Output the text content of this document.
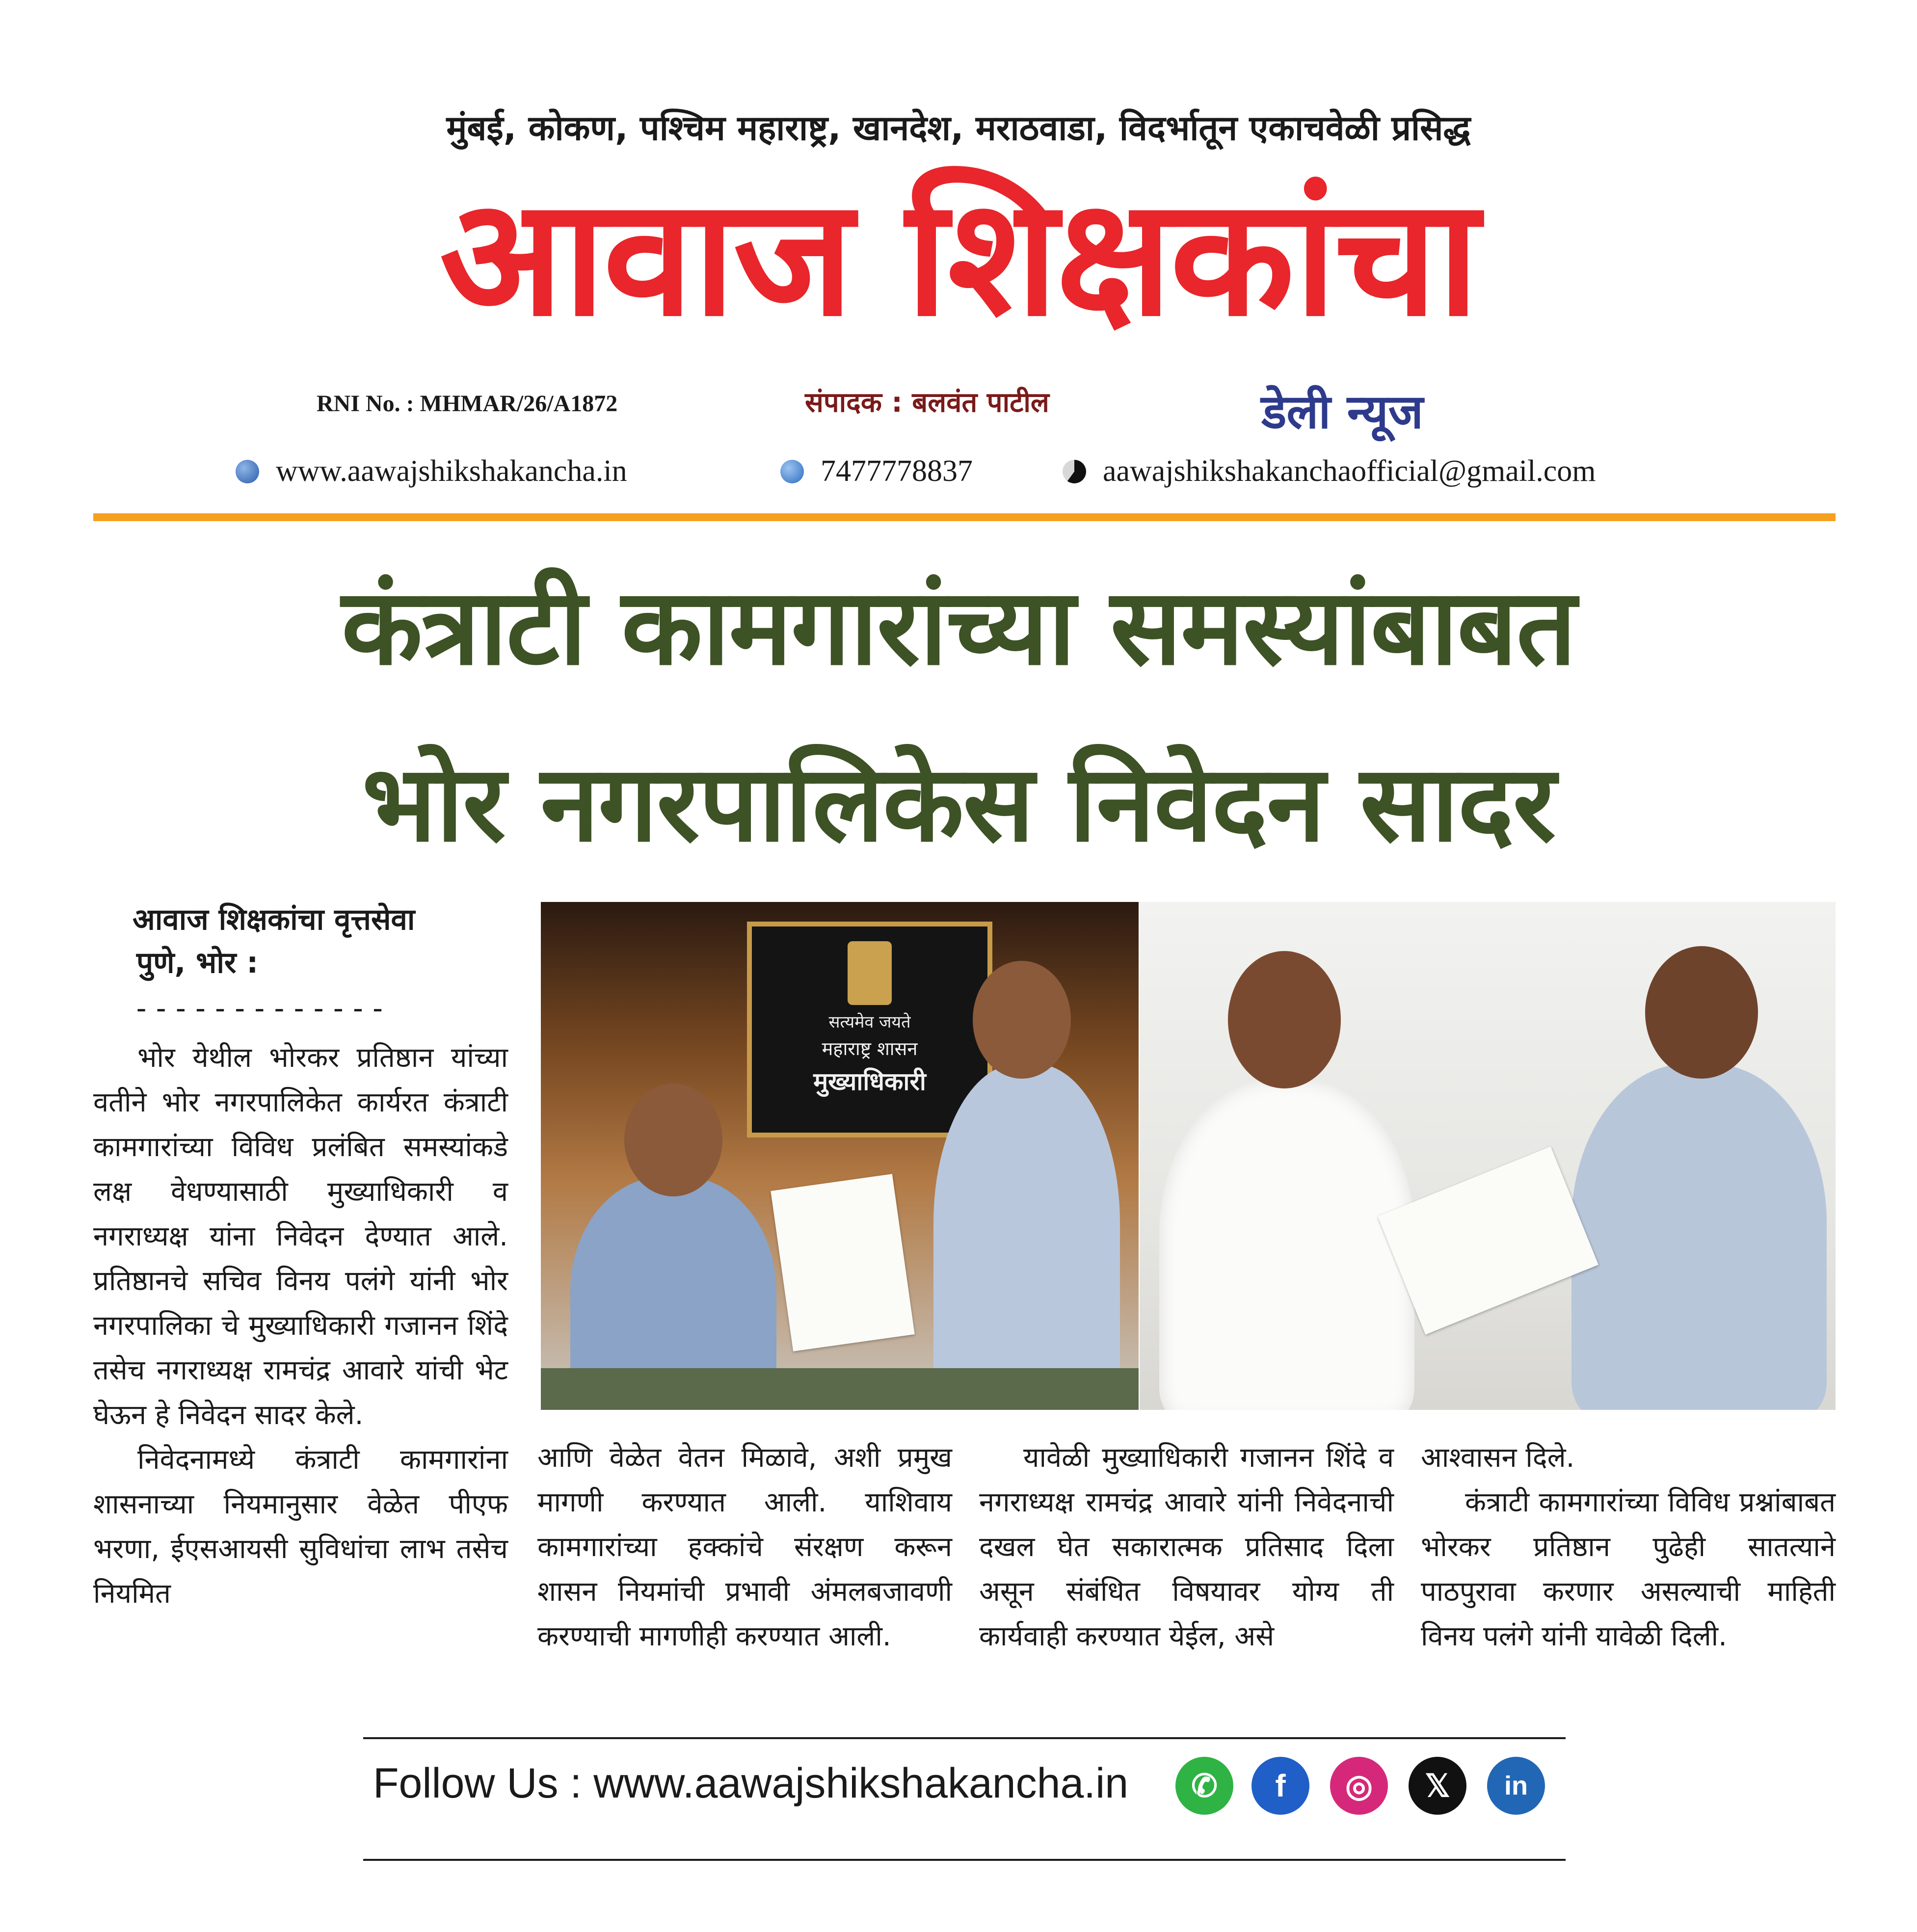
मुंबई, कोकण, पश्चिम महाराष्ट्र, खानदेश, मराठवाडा, विदर्भातून एकाचवेळी प्रसिद्ध
आवाज शिक्षकांचा
RNI No. : MHMAR/26/A1872	संपादक : बलवंत पाटील	डेली न्यूज
www.aawajshikshakancha.in	7477778837	aawajshikshakanchaofficial@gmail.com
कंत्राटी कामगारांच्या समस्यांबाबत
भोर नगरपालिकेस निवेदन सादर
आवाज शिक्षकांचा वृत्तसेवा
पुणे, भोर :
-------------	सत्यमेव जयते
महाराष्ट्र शासन
मुख्याधिकारी

भोर येथील भोरकर प्रतिष्ठान यांच्या वतीने भोर नगरपालिकेत कार्यरत कंत्राटी कामगारांच्या विविध प्रलंबित समस्यांकडे लक्ष वेधण्यासाठी मुख्याधिकारी व नगराध्यक्ष यांना निवेदन देण्यात आले. प्रतिष्ठानचे सचिव विनय पलंगे यांनी भोर नगरपालिका चे मुख्याधिकारी गजानन शिंदे तसेच नगराध्यक्ष रामचंद्र आवारे यांची भेट घेऊन हे निवेदन सादर केले.

निवेदनामध्ये कंत्राटी कामगारांना शासनाच्या नियमानुसार वेळेत पीएफ भरणा, ईएसआयसी सुविधांचा लाभ तसेच नियमित

आणि वेळेत वेतन मिळावे, अशी प्रमुख मागणी करण्यात आली. याशिवाय कामगारांच्या हक्कांचे संरक्षण करून शासन नियमांची प्रभावी अंमलबजावणी करण्याची मागणीही करण्यात आली.

यावेळी मुख्याधिकारी गजानन शिंदे व नगराध्यक्ष रामचंद्र आवारे यांनी निवेदनाची दखल घेत सकारात्मक प्रतिसाद दिला असून संबंधित विषयावर योग्य ती कार्यवाही करण्यात येईल, असे

आश्वासन दिले.

कंत्राटी कामगारांच्या विविध प्रश्नांबाबत भोरकर प्रतिष्ठान पुढेही सातत्याने पाठपुरावा करणार असल्याची माहिती विनय पलंगे यांनी यावेळी दिली.

Follow Us : www.aawajshikshakancha.in	✆	f	◎	𝕏	in
